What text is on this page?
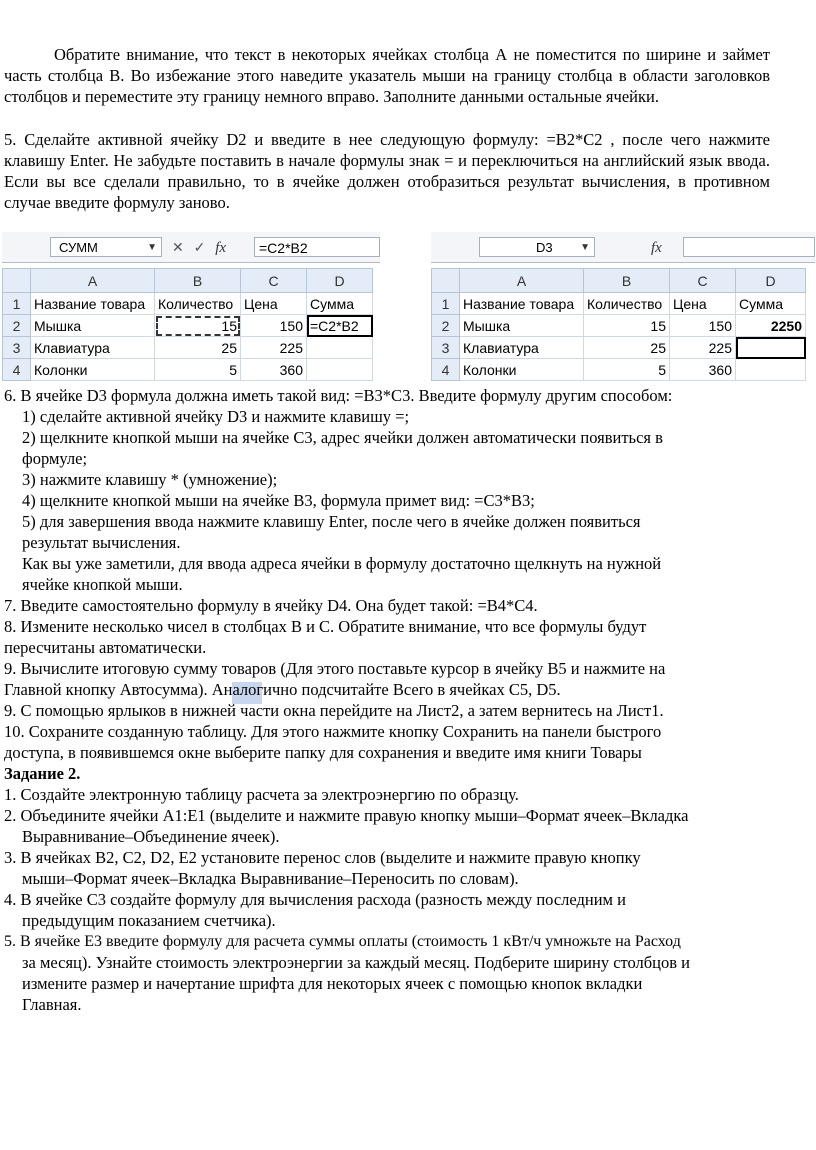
Обратите внимание, что текст в некоторых ячейках столбца А не поместится по ширине и займет часть столбца В. Во избежание этого наведите указатель мыши на границу столбца в области заголовков столбцов и переместите эту границу немного вправо. Заполните данными остальные ячейки.
5. Сделайте активной ячейку D2 и введите в нее следующую формулу: =В2*С2 , после чего нажмите клавишу Enter. Не забудьте поставить в начале формулы знак = и переключиться на английский язык ввода. Если вы все сделали правильно, то в ячейке должен отобразиться результат вычисления, в противном случае введите формулу заново.
СУММ	▼ ✕ ✓ fx	=C2*B2
	A	B	C	D
1	Название товара	Количество	Цена	Сумма
2	Мышка	15	150	=C2*B2
3	Клавиатура	25	225	
4	Колонки	5	360	
D3	▼	fx
	A	B	C	D
1	Название товара	Количество	Цена	Сумма
2	Мышка	15	150	2250
3	Клавиатура	25	225	
4	Колонки	5	360	
6. В ячейке D3 формула должна иметь такой вид: =В3*С3. Введите формулу другим способом:
1) сделайте активной ячейку D3 и нажмите клавишу =;
2) щелкните кнопкой мыши на ячейке С3, адрес ячейки должен автоматически появиться в
формуле;
3) нажмите клавишу * (умножение);
4) щелкните кнопкой мыши на ячейке В3, формула примет вид: =С3*В3;
5) для завершения ввода нажмите клавишу Enter, после чего в ячейке должен появиться
результат вычисления.
Как вы уже заметили, для ввода адреса ячейки в формулу достаточно щелкнуть на нужной
ячейке кнопкой мыши.
7. Введите самостоятельно формулу в ячейку D4. Она будет такой: =В4*С4.
8. Измените несколько чисел в столбцах В и С. Обратите внимание, что все формулы будут
пересчитаны автоматически.
9. Вычислите итоговую сумму товаров (Для этого поставьте курсор в ячейку В5 и нажмите на
Главной кнопку Автосумма). Аналогично подсчитайте Всего в ячейках С5, D5.
9. С помощью ярлыков в нижней части окна перейдите на Лист2, а затем вернитесь на Лист1.
10. Сохраните созданную таблицу. Для этого нажмите кнопку Сохранить на панели быстрого
доступа, в появившемся окне выберите папку для сохранения и введите имя книги Товары
Задание 2.
1. Создайте электронную таблицу расчета за электроэнергию по образцу.
2. Объедините ячейки А1:Е1 (выделите и нажмите правую кнопку мыши–Формат ячеек–Вкладка
Выравнивание–Объединение ячеек).
3. В ячейках В2, С2, D2, Е2 установите перенос слов (выделите и нажмите правую кнопку
мыши–Формат ячеек–Вкладка Выравнивание–Переносить по словам).
4. В ячейке С3 создайте формулу для вычисления расхода (разность между последним и
предыдущим показанием счетчика).
5. В ячейке Е3 введите формулу для расчета суммы оплаты (стоимость 1 кВт/ч умножьте на Расход
за месяц). Узнайте стоимость электроэнергии за каждый месяц. Подберите ширину столбцов и
измените размер и начертание шрифта для некоторых ячеек с помощью кнопок вкладки
Главная.
